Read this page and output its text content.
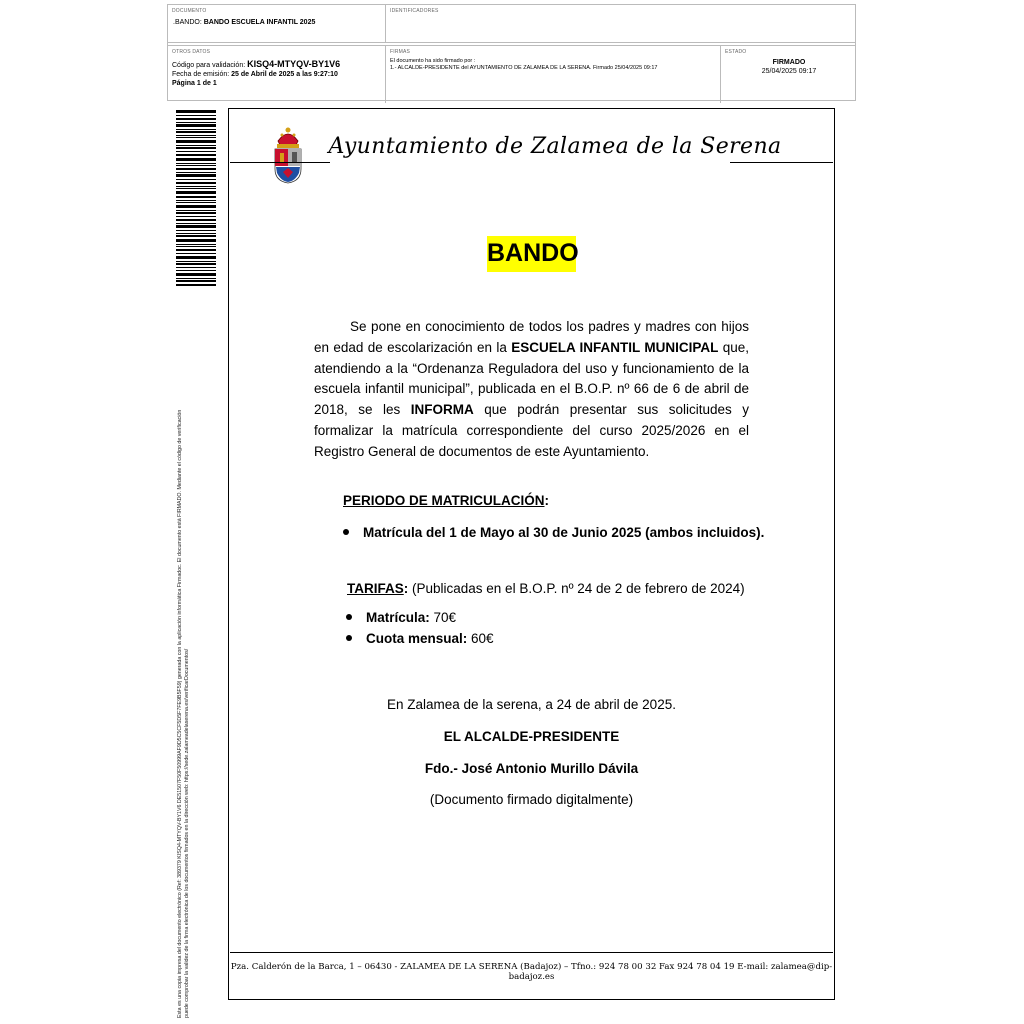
DOCUMENTO
.BANDO: BANDO ESCUELA INFANTIL 2025
IDENTIFICADORES
OTROS DATOS
Código para validación: KISQ4-MTYQV-BY1V6
Fecha de emisión: 25 de Abril de 2025 a las 9:27:10
Página 1 de 1
FIRMAS
El documento ha sido firmado por :
1.- ALCALDE-PRESIDENTE del AYUNTAMIENTO DE ZALAMEA DE LA SERENA. Firmado 25/04/2025 09:17
ESTADO
FIRMADO
25/04/2025 09:17
Esta es una copia impresa del documento electrónico (Ref: 389379 KISQ4-MTYQV-BY1V6 DE51507F50F50999AF9D5C5CF5D5F7FE9B5F59) generada con la aplicación informática Firmadoc. El documento está FIRMADO. Mediante el código de verificación puede comprobar la validez de la firma electrónica de los documentos firmados en la dirección web: https://sede.zalameadelaserena.es/verificarDocumentos/
Ayuntamiento de Zalamea de la Serena
BANDO
Se pone en conocimiento de todos los padres y madres con hijos en edad de escolarización en la ESCUELA INFANTIL MUNICIPAL que, atendiendo a la “Ordenanza Reguladora del uso y funcionamiento de la escuela infantil municipal”, publicada en el B.O.P. nº 66 de 6 de abril de 2018, se les INFORMA que podrán presentar sus solicitudes y formalizar la matrícula correspondiente del curso 2025/2026 en el Registro General de documentos de este Ayuntamiento.
PERIODO DE MATRICULACIÓN:
Matrícula del 1 de Mayo al 30 de Junio 2025 (ambos incluidos).
TARIFAS: (Publicadas en el B.O.P. nº 24 de 2 de febrero de 2024)
Matrícula: 70€
Cuota mensual: 60€
En Zalamea de la serena, a 24 de abril de 2025.
EL ALCALDE-PRESIDENTE
Fdo.- José Antonio Murillo Dávila
(Documento firmado digitalmente)
Pza. Calderón de la Barca, 1 – 06430 - ZALAMEA DE LA SERENA (Badajoz) – Tfno.: 924 78 00 32 Fax 924 78 04 19 E-mail: zalamea@dip-badajoz.es
